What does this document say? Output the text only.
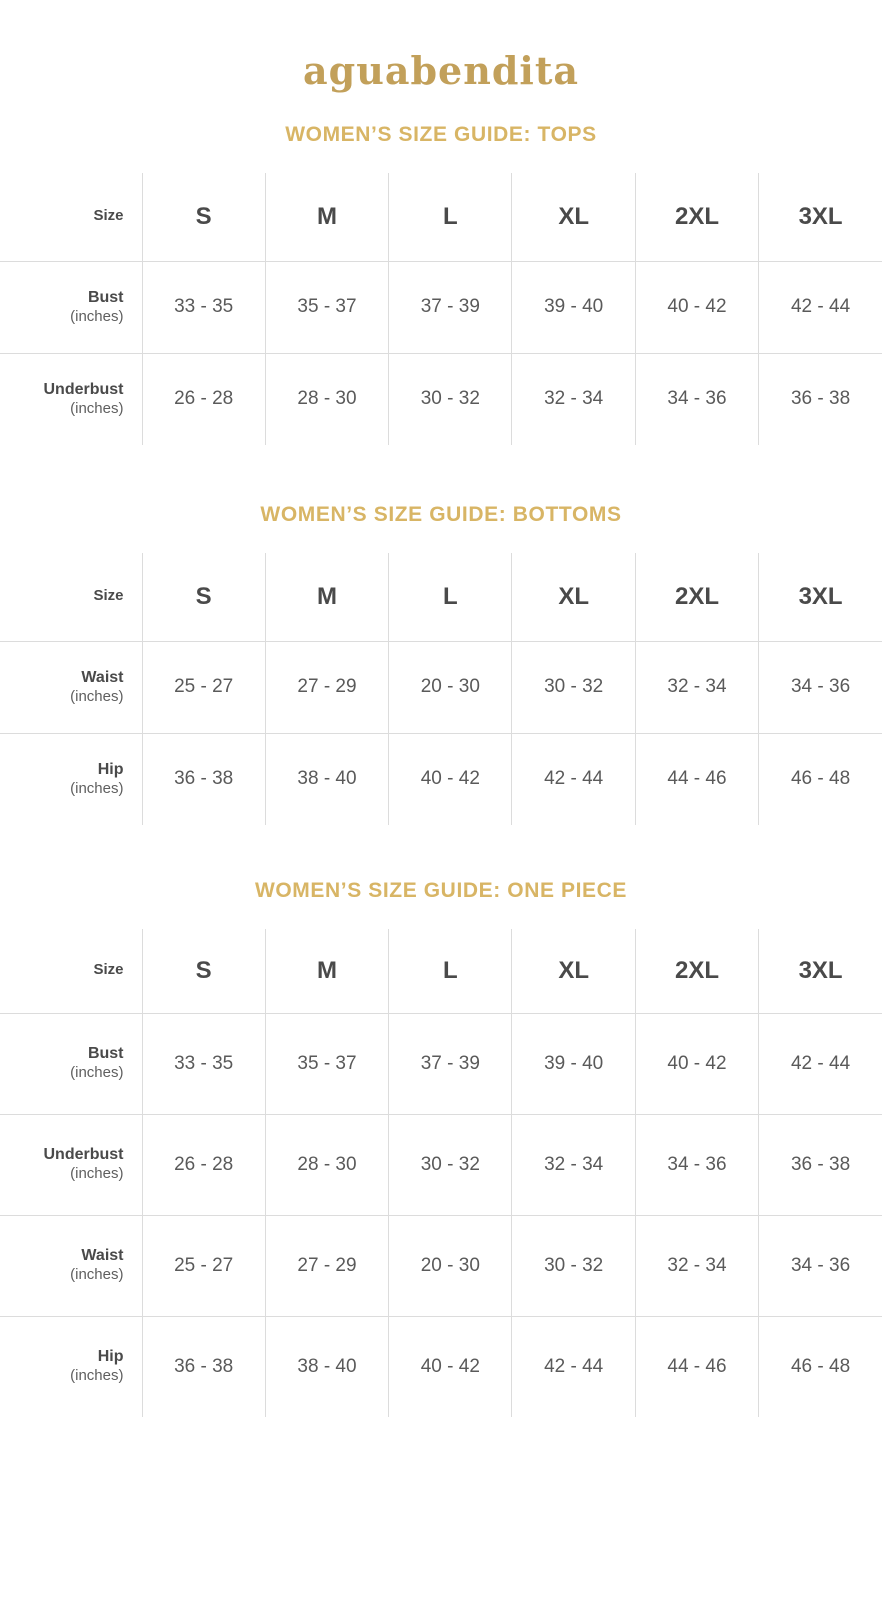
aguabendita
WOMEN’S SIZE GUIDE: TOPS
Size	S	M	L	XL	2XL	3XL
Bust
(inches)	33 - 35	35 - 37	37 - 39	39 - 40	40 - 42	42 - 44
Underbust
(inches)	26 - 28	28 - 30	30 - 32	32 - 34	34 - 36	36 - 38
WOMEN’S SIZE GUIDE: BOTTOMS
Size	S	M	L	XL	2XL	3XL
Waist
(inches)	25 - 27	27 - 29	20 - 30	30 - 32	32 - 34	34 - 36
Hip
(inches)	36 - 38	38 - 40	40 - 42	42 - 44	44 - 46	46 - 48
WOMEN’S SIZE GUIDE: ONE PIECE
Size	S	M	L	XL	2XL	3XL
Bust
(inches)	33 - 35	35 - 37	37 - 39	39 - 40	40 - 42	42 - 44
Underbust
(inches)	26 - 28	28 - 30	30 - 32	32 - 34	34 - 36	36 - 38
Waist
(inches)	25 - 27	27 - 29	20 - 30	30 - 32	32 - 34	34 - 36
Hip
(inches)	36 - 38	38 - 40	40 - 42	42 - 44	44 - 46	46 - 48
